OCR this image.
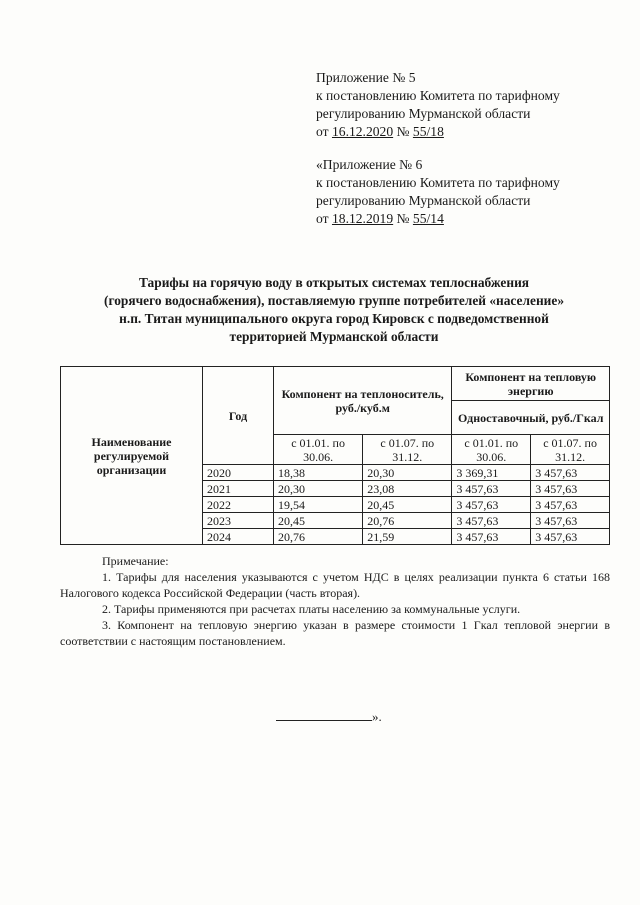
Приложение № 5
к постановлению Комитета по тарифному
регулированию Мурманской области
от 16.12.2020 № 55/18
«Приложение № 6
к постановлению Комитета по тарифному
регулированию Мурманской области
от 18.12.2019 № 55/14
Тарифы на горячую воду в открытых системах теплоснабжения
(горячего водоснабжения), поставляемую группе потребителей «население»
н.п. Титан муниципального округа город Кировск с подведомственной
территорией Мурманской области
Наименование регулируемой организации	Год	Компонент на теплоноситель, руб./куб.м		Компонент на тепловую энергию	
				Одноставочный, руб./Гкал	
		с 01.01. по 30.06.	с 01.07. по 31.12.	с 01.01. по 30.06.	с 01.07. по 31.12.
	2020	18,38	20,30	3 369,31	3 457,63
	2021	20,30	23,08	3 457,63	3 457,63
	2022	19,54	20,45	3 457,63	3 457,63
	2023	20,45	20,76	3 457,63	3 457,63
	2024	20,76	21,59	3 457,63	3 457,63
Примечание:
1. Тарифы для населения указываются с учетом НДС в целях реализации пункта 6 статьи 168 Налогового кодекса Российской Федерации (часть вторая).
2. Тарифы применяются при расчетах платы населению за коммунальные услуги.
3. Компонент на тепловую энергию указан в размере стоимости 1 Гкал тепловой энергии в соответствии с настоящим постановлением.
».
